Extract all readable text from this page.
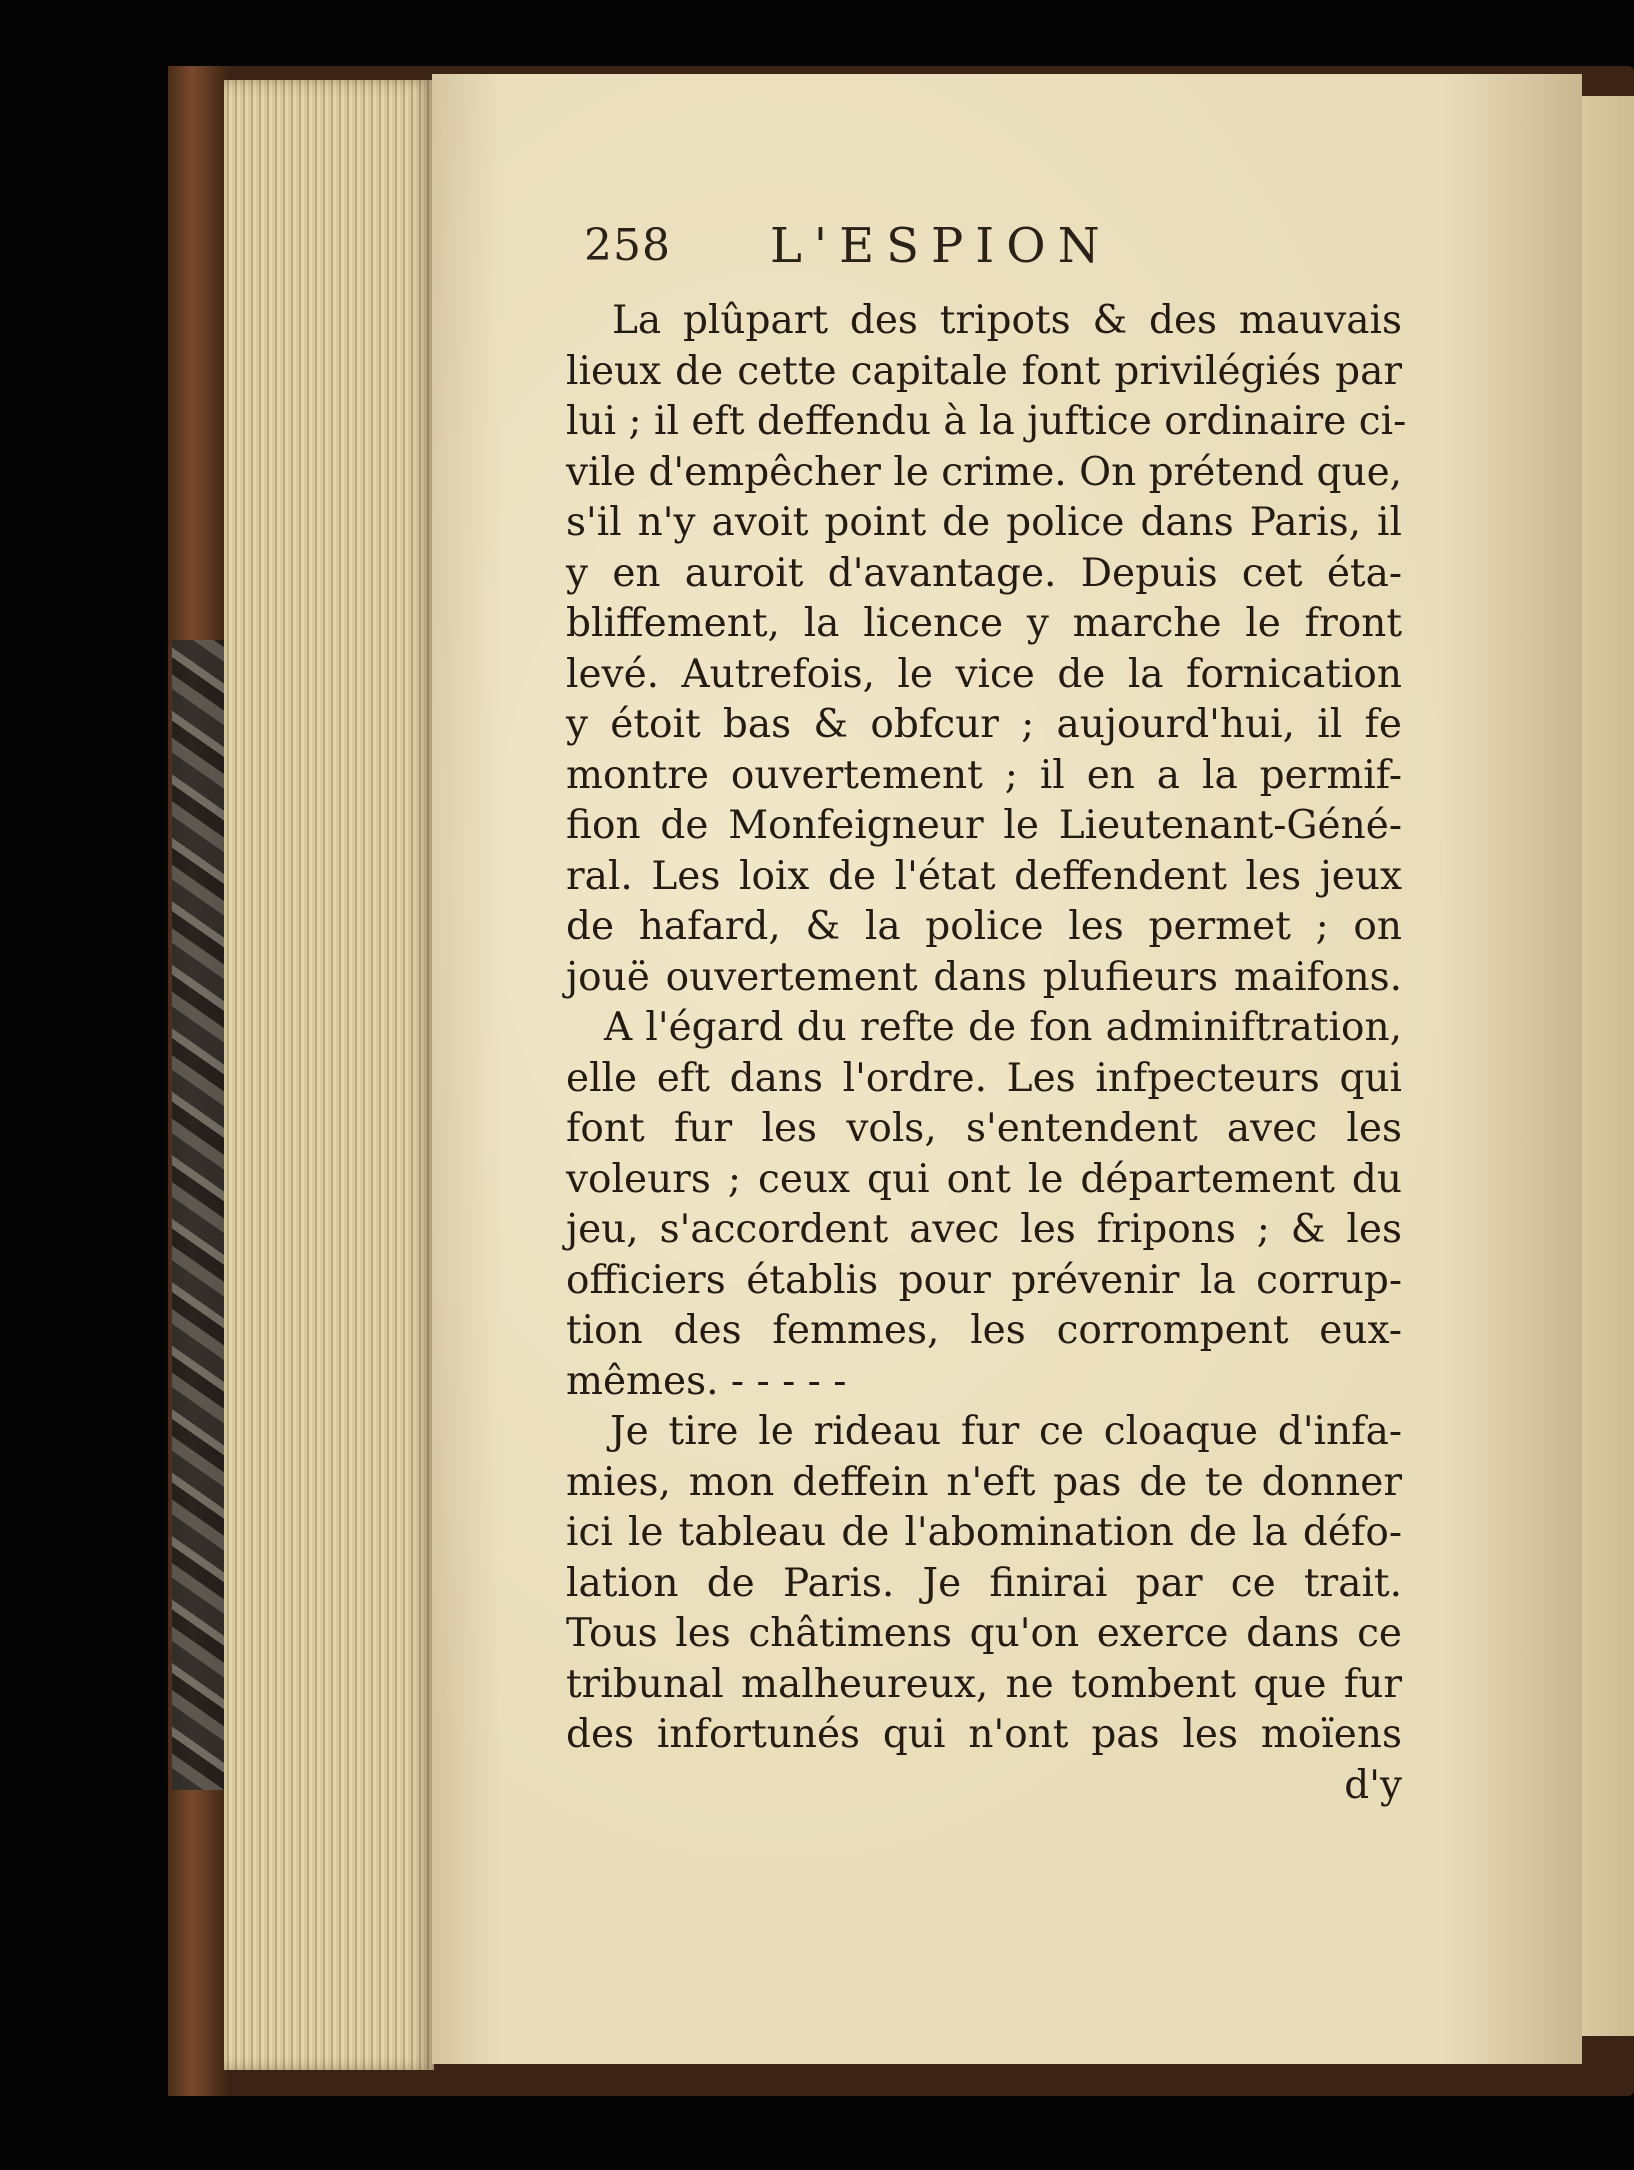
258 L'ESPION
La plûpart des tripots & des mauvais
lieux de cette capitale font privilégiés par
lui ; il eft deffendu à la juftice ordinaire ci-
vile d'empêcher le crime. On prétend que,
s'il n'y avoit point de police dans Paris, il
y en auroit d'avantage. Depuis cet éta-
bliffement, la licence y marche le front
levé. Autrefois, le vice de la fornication
y étoit bas & obfcur ; aujourd'hui, il fe
montre ouvertement ; il en a la permif-
fion de Monfeigneur le Lieutenant-Géné-
ral. Les loix de l'état deffendent les jeux
de hafard, & la police les permet ; on
jouë ouvertement dans plufieurs maifons.
A l'égard du refte de fon adminiftration,
elle eft dans l'ordre. Les infpecteurs qui
font fur les vols, s'entendent avec les
voleurs ; ceux qui ont le département du
jeu, s'accordent avec les fripons ; & les
officiers établis pour prévenir la corrup-
tion des femmes, les corrompent eux-
mêmes. - - - - -
Je tire le rideau fur ce cloaque d'infa-
mies, mon deffein n'eft pas de te donner
ici le tableau de l'abomination de la défo-
lation de Paris. Je finirai par ce trait.
Tous les châtimens qu'on exerce dans ce
tribunal malheureux, ne tombent que fur
des infortunés qui n'ont pas les moïens
d'y
